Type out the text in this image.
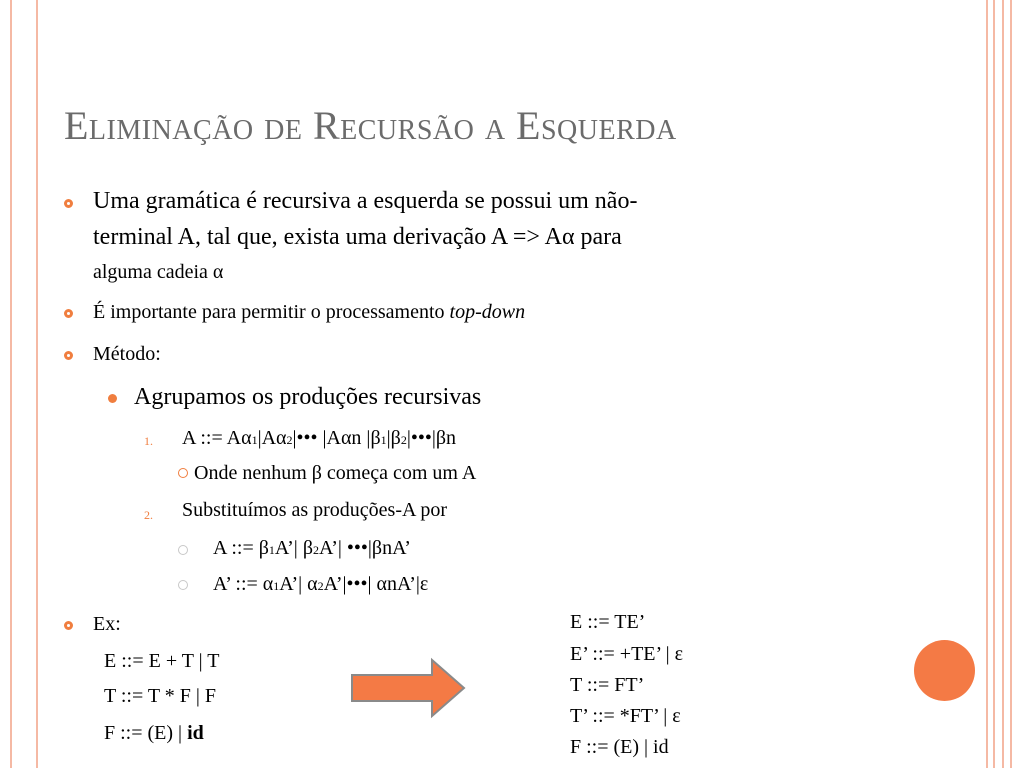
Eliminação de Recursão a Esquerda
Uma gramática é recursiva a esquerda se possui um não-
terminal A, tal que, exista uma derivação A => Aα para
alguma cadeia α
É importante para permitir o processamento top-down
Método:
Agrupamos os produções recursivas
1. A ::= Aα1|Aα2|••• |Aαn |β1|β2|•••|βn
Onde nenhum β começa com um A
2. Substituímos as produções-A por
A ::= β1A’| β2A’| •••|βnA’
A’ ::= α1A’| α2A’|•••| αnA’|ε
Ex:
E ::= E + T | T
T ::= T * F | F
F ::= (E) | id
E ::= TE’
E’ ::= +TE’ | ε
T ::= FT’
T’ ::= *FT’ | ε
F ::= (E) | id
